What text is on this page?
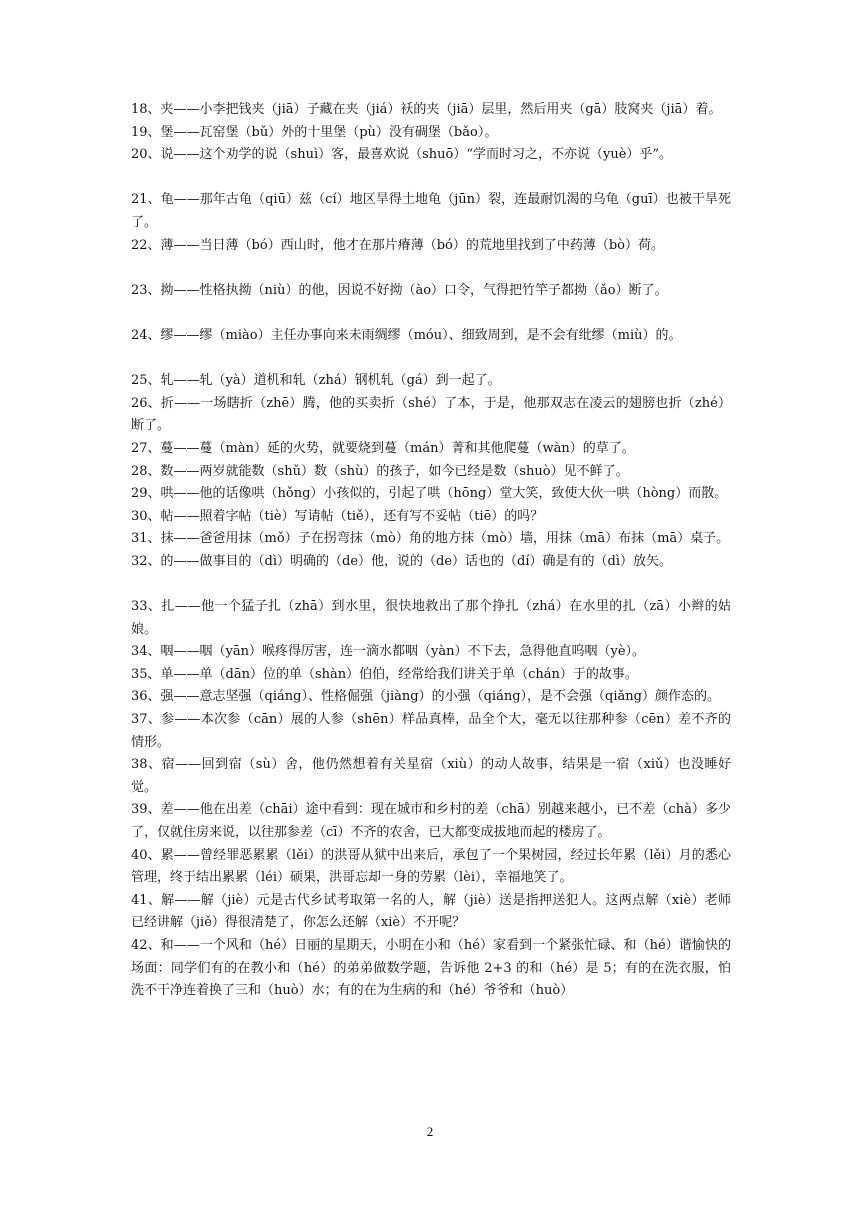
18、夹——小李把钱夹（jiā）子藏在夹（jiá）袄的夹（jiā）层里，然后用夹（gā）肢窝夹（jiā）着。

19、堡——瓦窑堡（bǔ）外的十里堡（pù）没有碉堡（bǎo）。

20、说——这个劝学的说（shuì）客，最喜欢说（shuō）“学而时习之，不亦说（yuè）乎”。

21、龟——那年古龟（qiū）兹（cí）地区旱得土地龟（jūn）裂，连最耐饥渴的乌龟（guī）也被干旱死了。

22、薄——当日薄（bó）西山时，他才在那片瘠薄（bó）的荒地里找到了中药薄（bò）荷。

23、拗——性格执拗（niù）的他，因说不好拗（ào）口令，气得把竹竿子都拗（ǎo）断了。

24、缪——缪（miào）主任办事向来未雨绸缪（móu）、细致周到，是不会有纰缪（miù）的。

25、轧——轧（yà）道机和轧（zhá）钢机轧（gá）到一起了。

26、折——一场瞎折（zhē）腾，他的买卖折（shé）了本，于是，他那双志在凌云的翅膀也折（zhé）断了。

27、蔓——蔓（màn）延的火势，就要烧到蔓（mán）菁和其他爬蔓（wàn）的草了。

28、数——两岁就能数（shǔ）数（shù）的孩子，如今已经是数（shuò）见不鲜了。

29、哄——他的话像哄（hǒng）小孩似的，引起了哄（hōng）堂大笑，致使大伙一哄（hòng）而散。

30、帖——照着字帖（tiè）写请帖（tiě），还有写不妥帖（tiē）的吗？

31、抹——爸爸用抹（mǒ）子在拐弯抹（mò）角的地方抹（mò）墙，用抹（mā）布抹（mā）桌子。

32、的——做事目的（dì）明确的（de）他，说的（de）话也的（dí）确是有的（dì）放矢。

33、扎——他一个猛子扎（zhā）到水里，很快地救出了那个挣扎（zhá）在水里的扎（zā）小辫的姑娘。

34、咽——咽（yān）喉疼得厉害，连一滴水都咽（yàn）不下去，急得他直呜咽（yè）。

35、单——单（dān）位的单（shàn）伯伯，经常给我们讲关于单（chán）于的故事。

36、强——意志坚强（qiáng）、性格倔强（jiàng）的小强（qiáng），是不会强（qiǎng）颜作态的。

37、参——本次参（cān）展的人参（shēn）样品真棒，品全个大，毫无以往那种参（cēn）差不齐的情形。

38、宿——回到宿（sù）舍，他仍然想着有关星宿（xiù）的动人故事，结果是一宿（xiǔ）也没睡好觉。

39、差——他在出差（chāi）途中看到：现在城市和乡村的差（chā）别越来越小，已不差（chà）多少了，仅就住房来说，以往那参差（cī）不齐的农舍，已大都变成拔地而起的楼房了。

40、累——曾经罪恶累累（lěi）的洪哥从狱中出来后，承包了一个果树园，经过长年累（lěi）月的悉心管理，终于结出累累（léi）硕果，洪哥忘却一身的劳累（lèi），幸福地笑了。

41、解——解（jiè）元是古代乡试考取第一名的人，解（jiè）送是指押送犯人。这两点解（xiè）老师已经讲解（jiě）得很清楚了，你怎么还解（xiè）不开呢？

42、和——一个风和（hé）日丽的星期天，小明在小和（hé）家看到一个紧张忙碌、和（hé）谐愉快的场面：同学们有的在教小和（hé）的弟弟做数学题，告诉他 2+3 的和（hé）是 5；有的在洗衣服，怕洗不干净连着换了三和（huò）水；有的在为生病的和（hé）爷爷和（huò）

2
